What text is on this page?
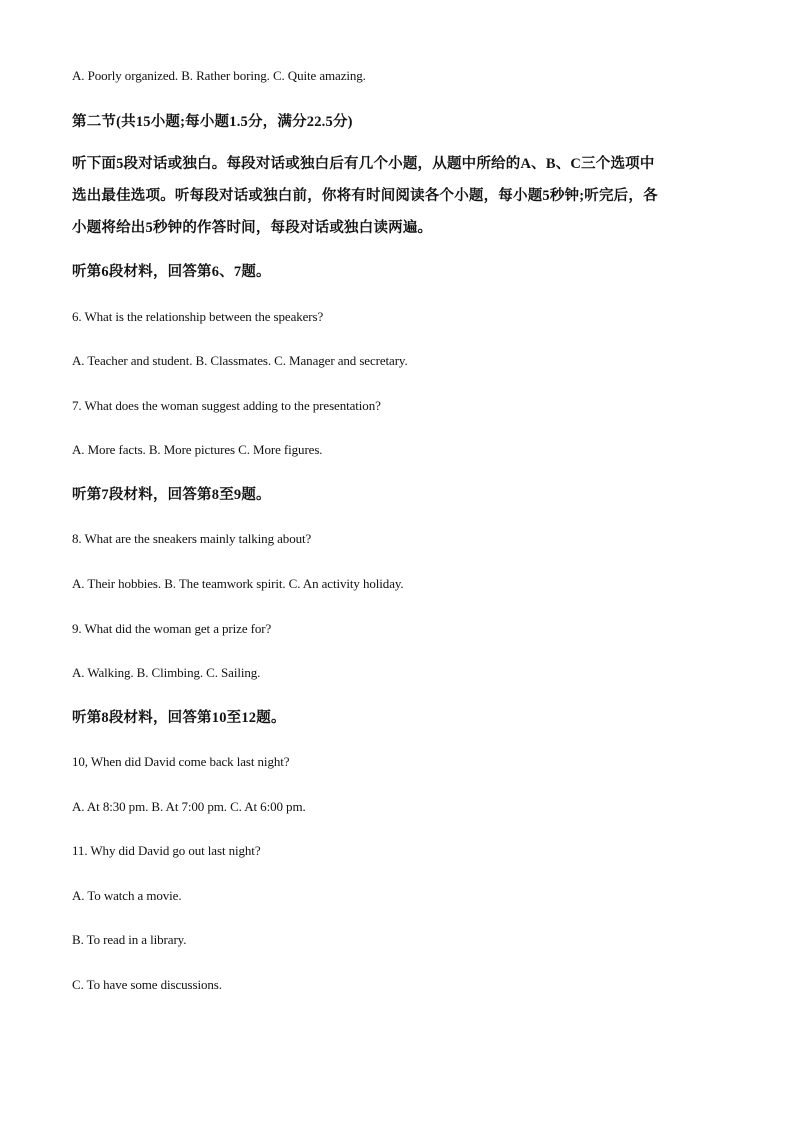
A. Poorly organized. B. Rather boring. C. Quite amazing.
第二节(共15小题;每小题1.5分，满分22.5分)
听下面5段对话或独白。每段对话或独白后有几个小题，从题中所给的A、B、C三个选项中
选出最佳选项。听每段对话或独白前，你将有时间阅读各个小题，每小题5秒钟;听完后，各
小题将给出5秒钟的作答时间，每段对话或独白读两遍。
听第6段材料，回答第6、7题。
6. What is the relationship between the speakers?
A. Teacher and student. B. Classmates. C. Manager and secretary.
7. What does the woman suggest adding to the presentation?
A. More facts. B. More pictures C. More figures.
听第7段材料，回答第8至9题。
8. What are the sneakers mainly talking about?
A. Their hobbies. B. The teamwork spirit. C. An activity holiday.
9. What did the woman get a prize for?
A. Walking. B. Climbing. C. Sailing.
听第8段材料，回答第10至12题。
10, When did David come back last night?
A. At 8:30 pm. B. At 7:00 pm. C. At 6:00 pm.
11. Why did David go out last night?
A. To watch a movie.
B. To read in a library.
C. To have some discussions.
